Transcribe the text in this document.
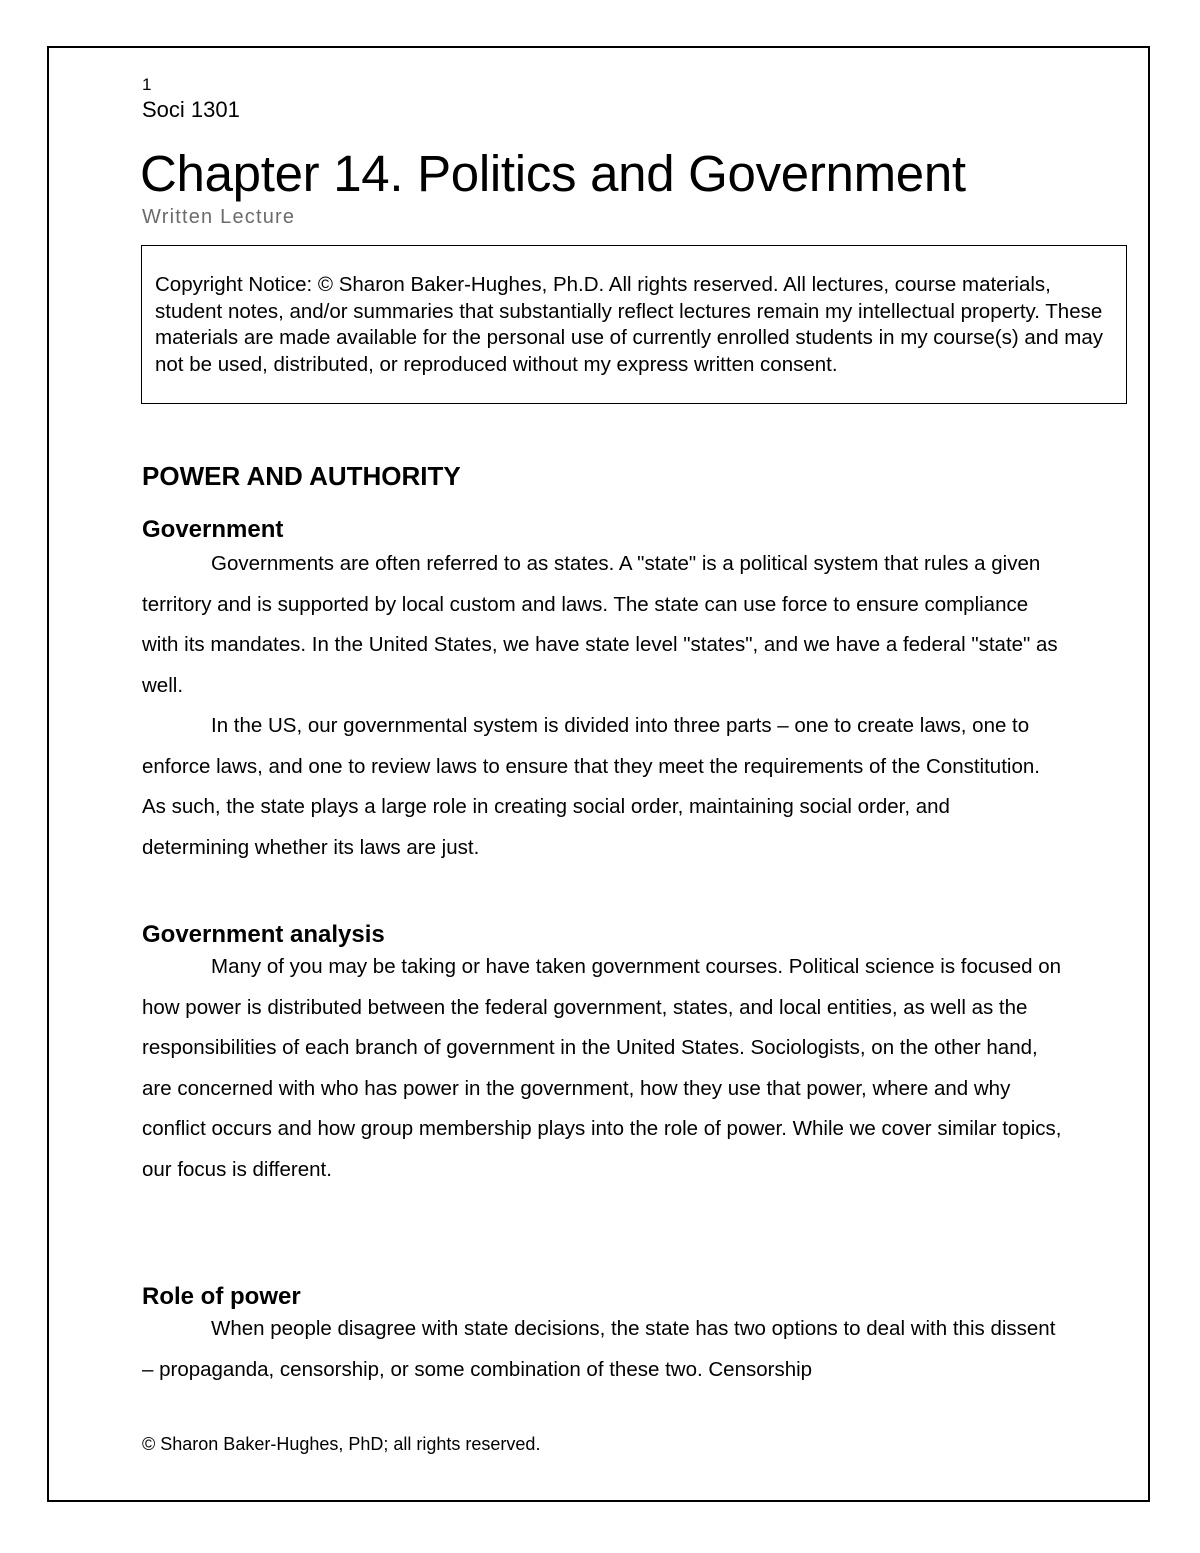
1
Soci 1301
Chapter 14. Politics and Government
Written Lecture
Copyright Notice: © Sharon Baker-Hughes, Ph.D. All rights reserved. All lectures, course materials, student notes, and/or summaries that substantially reflect lectures remain my intellectual property. These materials are made available for the personal use of currently enrolled students in my course(s) and may not be used, distributed, or reproduced without my express written consent.
POWER AND AUTHORITY
Government

Governments are often referred to as states. A "state" is a political system that rules a given territory and is supported by local custom and laws. The state can use force to ensure compliance with its mandates. In the United States, we have state level "states", and we have a federal "state" as well.

In the US, our governmental system is divided into three parts – one to create laws, one to enforce laws, and one to review laws to ensure that they meet the requirements of the Constitution. As such, the state plays a large role in creating social order, maintaining social order, and determining whether its laws are just.

Government analysis

Many of you may be taking or have taken government courses. Political science is focused on how power is distributed between the federal government, states, and local entities, as well as the responsibilities of each branch of government in the United States. Sociologists, on the other hand, are concerned with who has power in the government, how they use that power, where and why conflict occurs and how group membership plays into the role of power. While we cover similar topics, our focus is different.

Role of power

When people disagree with state decisions, the state has two options to deal with this dissent – propaganda, censorship, or some combination of these two. Censorship

© Sharon Baker-Hughes, PhD; all rights reserved.
